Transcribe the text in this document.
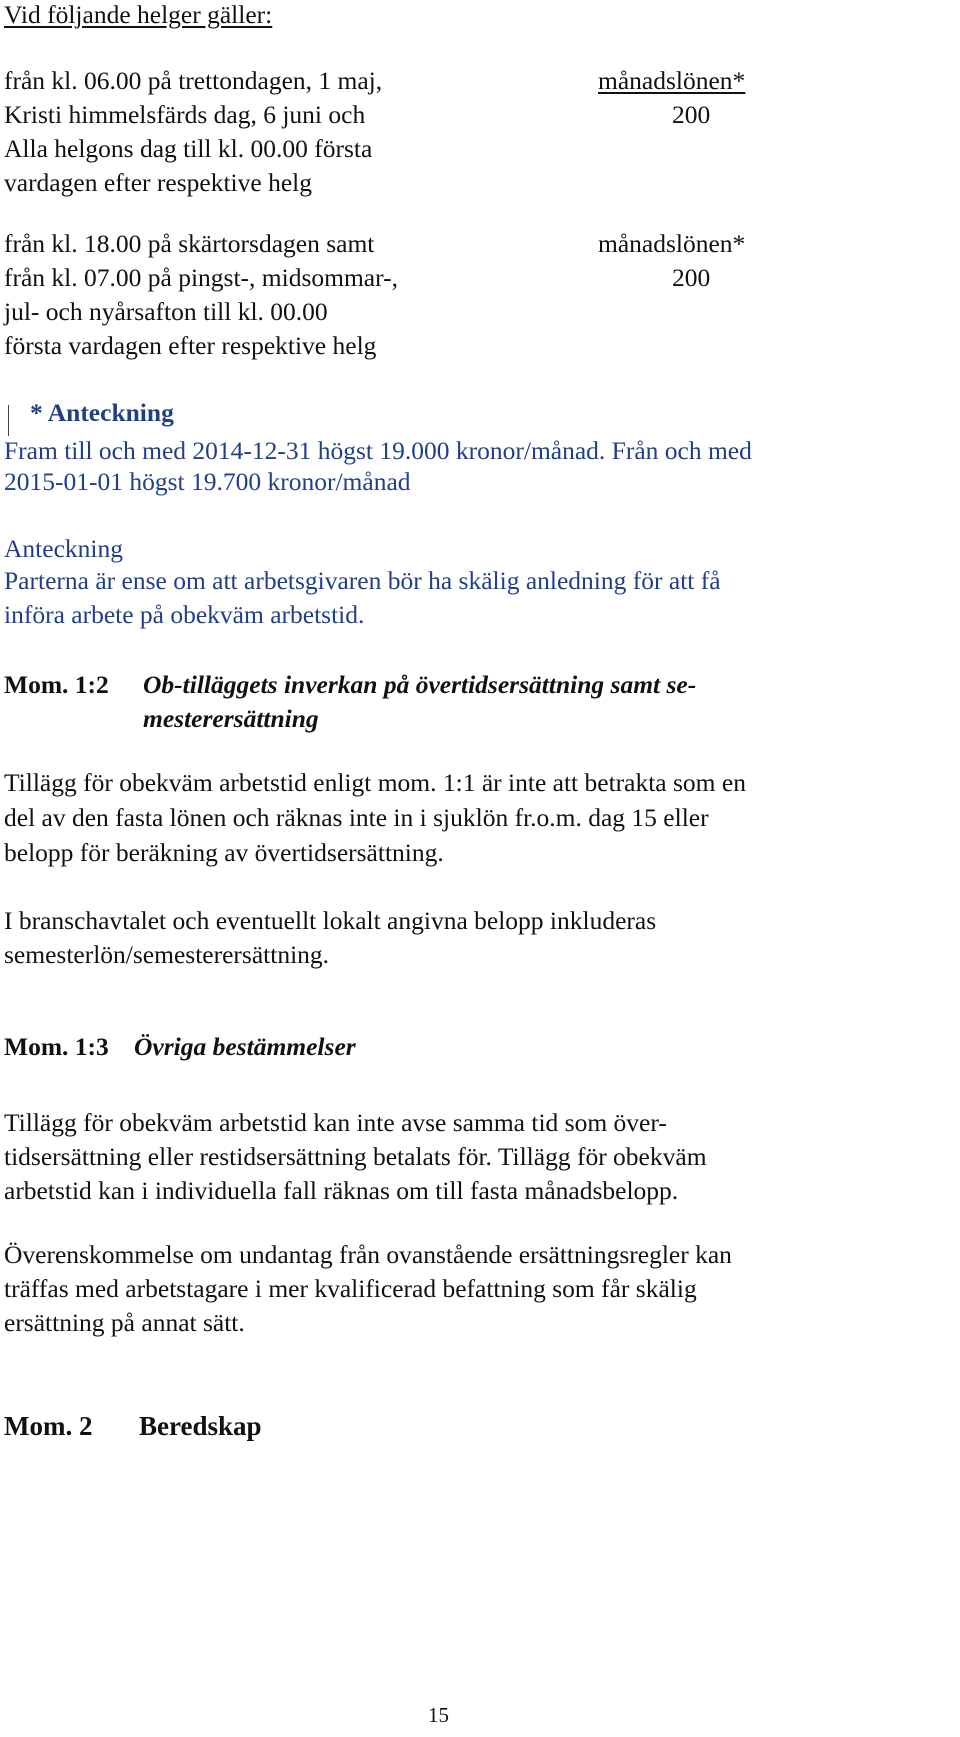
Vid följande helger gäller:
från kl. 06.00 på trettondagen, 1 maj,
Kristi himmelsfärds dag, 6 juni och
Alla helgons dag till kl. 00.00 första
vardagen efter respektive helg
månadslönen*
200
från kl. 18.00 på skärtorsdagen samt
från kl. 07.00 på pingst-, midsommar-,
jul- och nyårsafton till kl. 00.00
första vardagen efter respektive helg
månadslönen*
200
* Anteckning
Fram till och med 2014-12-31 högst 19.000 kronor/månad. Från och med
2015-01-01 högst 19.700 kronor/månad
Anteckning
Parterna är ense om att arbetsgivaren bör ha skälig anledning för att få
införa arbete på obekväm arbetstid.
Mom. 1:2 Ob-tilläggets inverkan på övertidsersättning samt se-
mesterersättning
Tillägg för obekväm arbetstid enligt mom. 1:1 är inte att betrakta som en
del av den fasta lönen och räknas inte in i sjuklön fr.o.m. dag 15 eller
belopp för beräkning av övertidsersättning.
I branschavtalet och eventuellt lokalt angivna belopp inkluderas
semesterlön/semesterersättning.
Mom. 1:3 Övriga bestämmelser
Tillägg för obekväm arbetstid kan inte avse samma tid som över-
tidsersättning eller restidsersättning betalats för. Tillägg för obekväm
arbetstid kan i individuella fall räknas om till fasta månadsbelopp.
Överenskommelse om undantag från ovanstående ersättningsregler kan
träffas med arbetstagare i mer kvalificerad befattning som får skälig
ersättning på annat sätt.
Mom. 2 Beredskap
15
